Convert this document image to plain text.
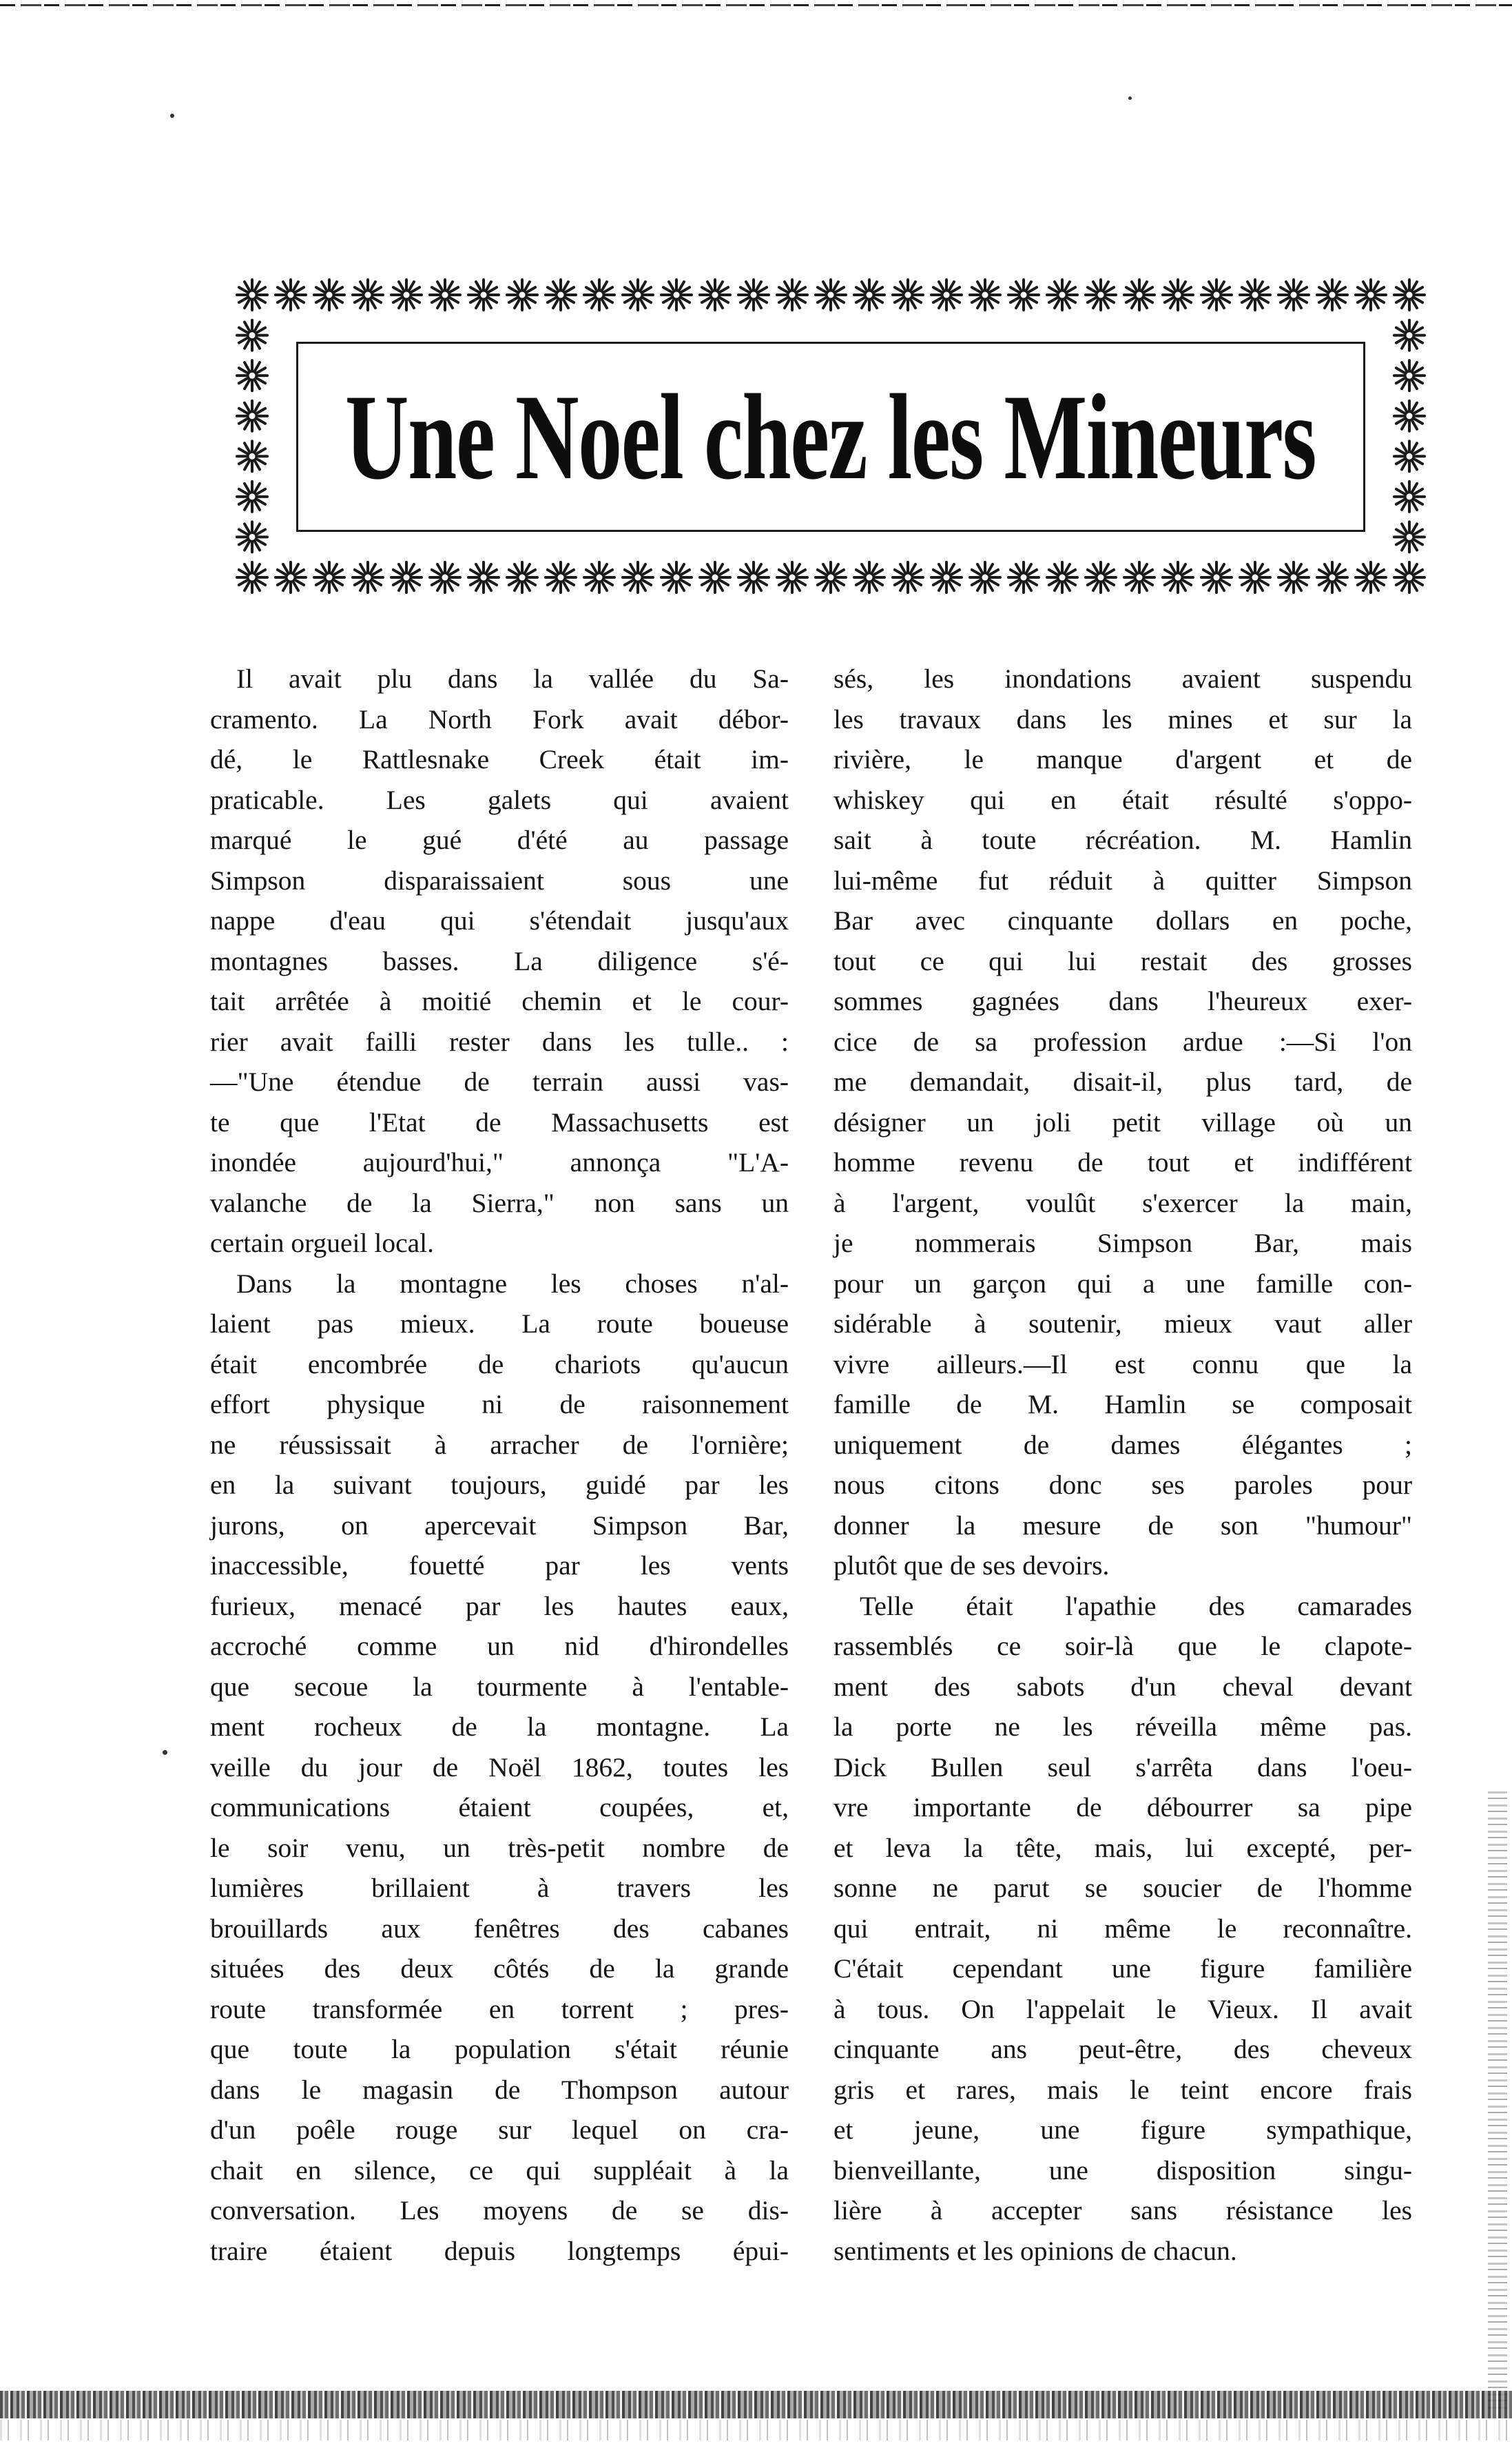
Une Noel chez les Mineurs
Il avait plu dans la vallée du Sa-
cramento. La North Fork avait débor-
dé, le Rattlesnake Creek était im-
praticable. Les galets qui avaient
marqué le gué d'été au passage
Simpson disparaissaient sous une
nappe d'eau qui s'étendait jusqu'aux
montagnes basses. La diligence s'é-
tait arrêtée à moitié chemin et le cour-
rier avait failli rester dans les tulle.. :
—"Une étendue de terrain aussi vas-
te que l'Etat de Massachusetts est
inondée aujourd'hui," annonça "L'A-
valanche de la Sierra," non sans un
certain orgueil local.
Dans la montagne les choses n'al-
laient pas mieux. La route boueuse
était encombrée de chariots qu'aucun
effort physique ni de raisonnement
ne réussissait à arracher de l'ornière;
en la suivant toujours, guidé par les
jurons, on apercevait Simpson Bar,
inaccessible, fouetté par les vents
furieux, menacé par les hautes eaux,
accroché comme un nid d'hirondelles
que secoue la tourmente à l'entable-
ment rocheux de la montagne. La
veille du jour de Noël 1862, toutes les
communications étaient coupées, et,
le soir venu, un très-petit nombre de
lumières brillaient à travers les
brouillards aux fenêtres des cabanes
situées des deux côtés de la grande
route transformée en torrent ; pres-
que toute la population s'était réunie
dans le magasin de Thompson autour
d'un poêle rouge sur lequel on cra-
chait en silence, ce qui suppléait à la
conversation. Les moyens de se dis-
traire étaient depuis longtemps épui-
sés, les inondations avaient suspendu
les travaux dans les mines et sur la
rivière, le manque d'argent et de
whiskey qui en était résulté s'oppo-
sait à toute récréation. M. Hamlin
lui-même fut réduit à quitter Simpson
Bar avec cinquante dollars en poche,
tout ce qui lui restait des grosses
sommes gagnées dans l'heureux exer-
cice de sa profession ardue :—Si l'on
me demandait, disait-il, plus tard, de
désigner un joli petit village où un
homme revenu de tout et indifférent
à l'argent, voulût s'exercer la main,
je nommerais Simpson Bar, mais
pour un garçon qui a une famille con-
sidérable à soutenir, mieux vaut aller
vivre ailleurs.—Il est connu que la
famille de M. Hamlin se composait
uniquement de dames élégantes ;
nous citons donc ses paroles pour
donner la mesure de son "humour"
plutôt que de ses devoirs.
Telle était l'apathie des camarades
rassemblés ce soir-là que le clapote-
ment des sabots d'un cheval devant
la porte ne les réveilla même pas.
Dick Bullen seul s'arrêta dans l'oeu-
vre importante de débourrer sa pipe
et leva la tête, mais, lui excepté, per-
sonne ne parut se soucier de l'homme
qui entrait, ni même le reconnaître.
C'était cependant une figure familière
à tous. On l'appelait le Vieux. Il avait
cinquante ans peut-être, des cheveux
gris et rares, mais le teint encore frais
et jeune, une figure sympathique,
bienveillante, une disposition singu-
lière à accepter sans résistance les
sentiments et les opinions de chacun.
